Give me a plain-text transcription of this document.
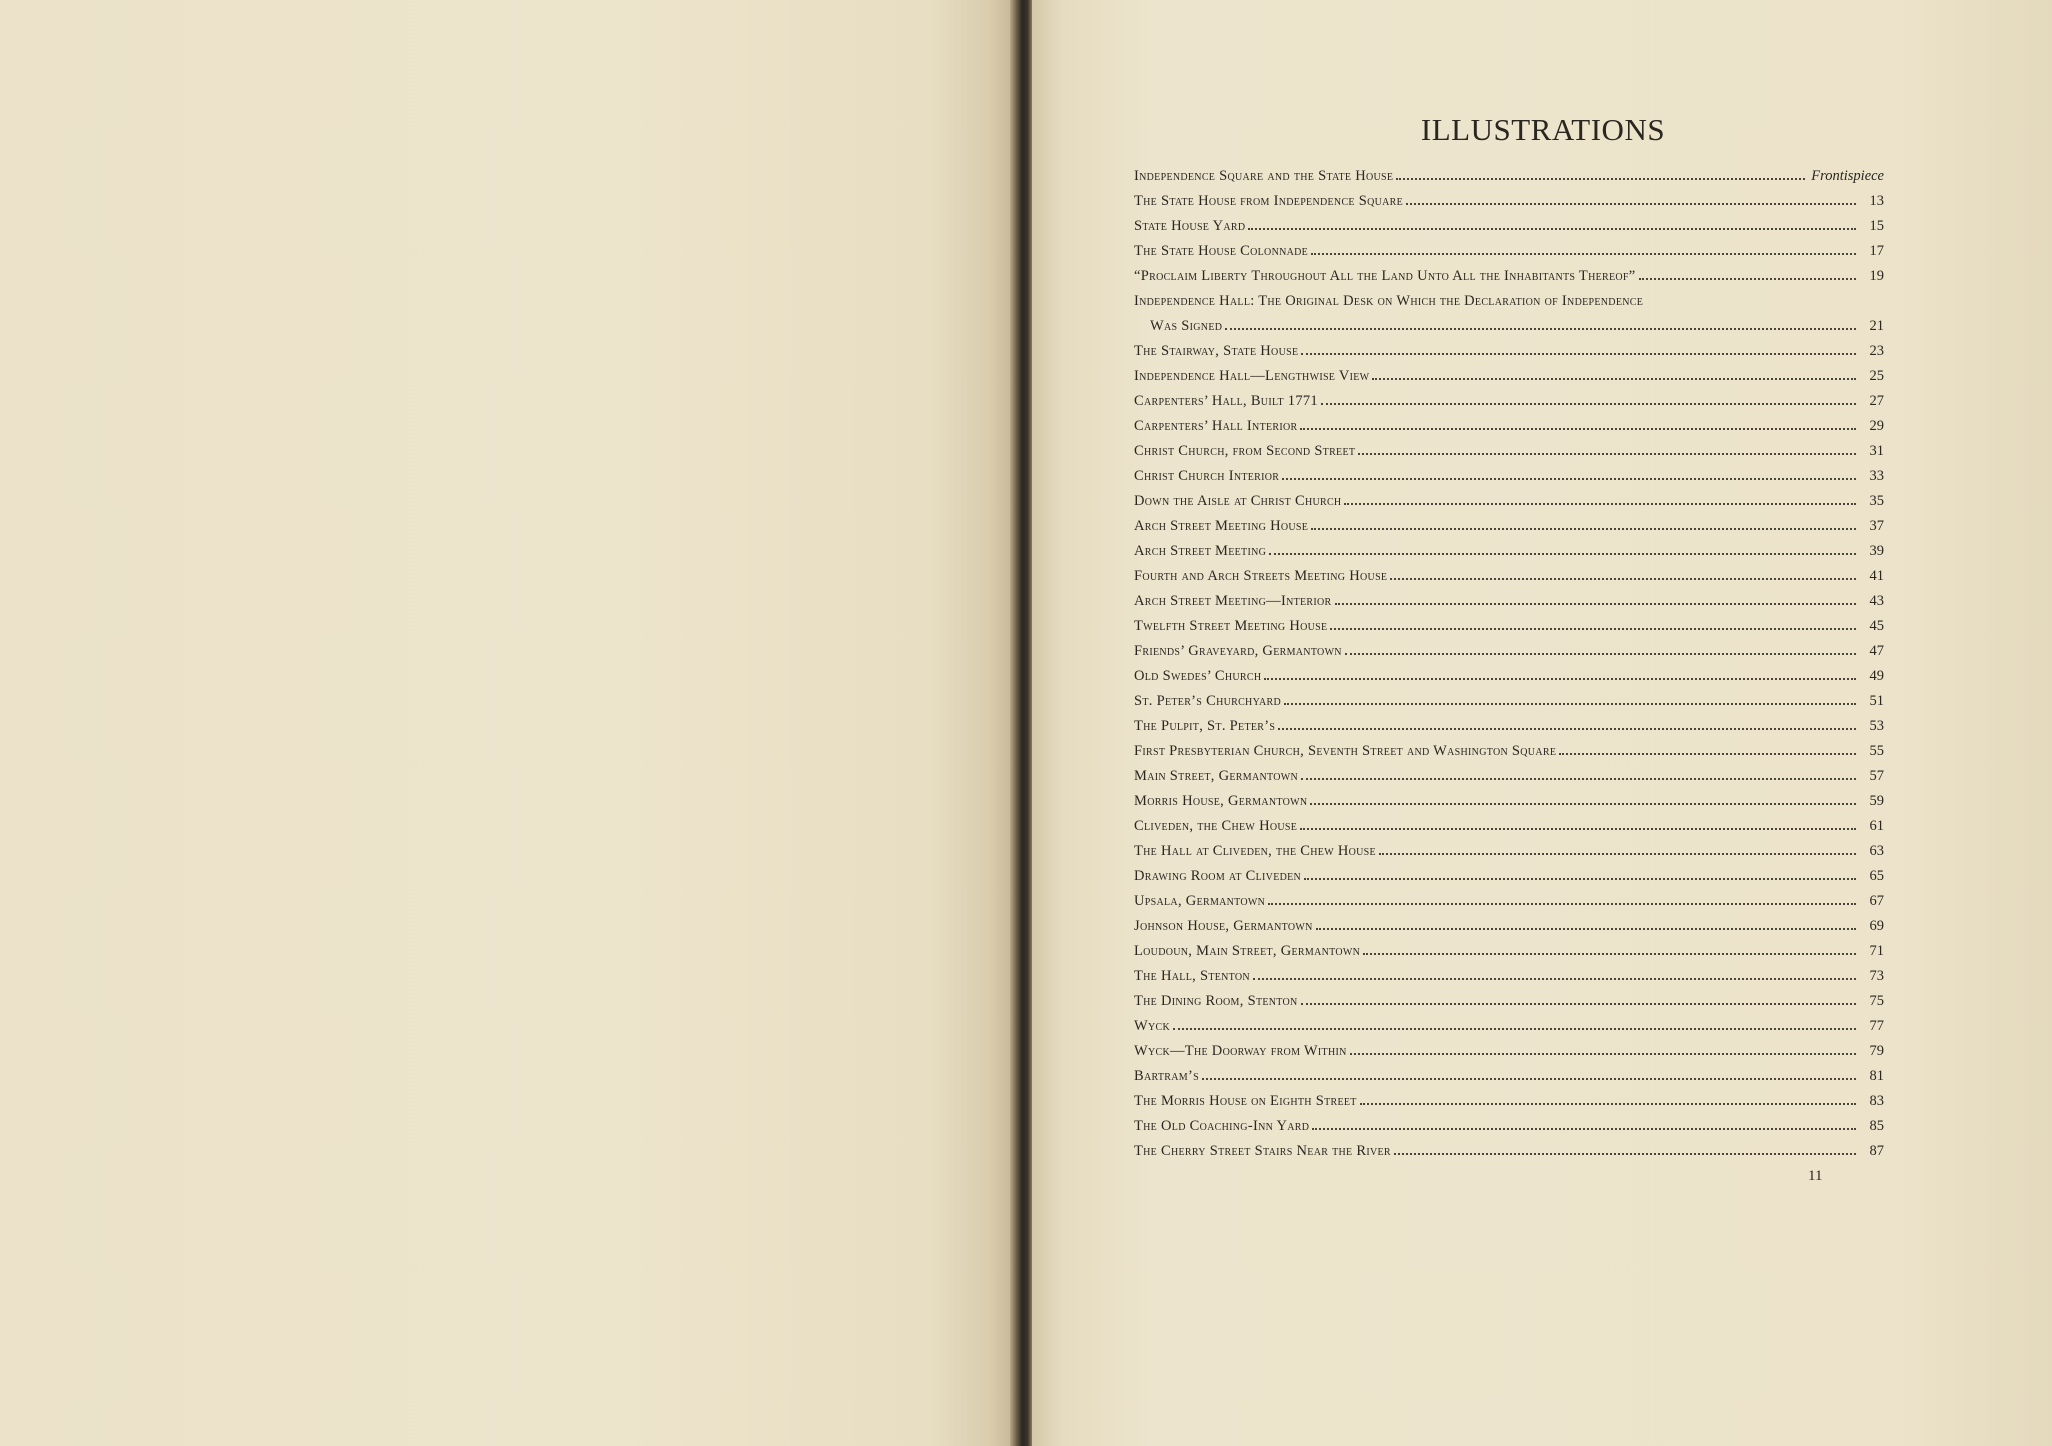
ILLUSTRATIONS
Independence Square and the State House	Frontispiece
The State House from Independence Square	13
State House Yard	15
The State House Colonnade	17
“Proclaim Liberty Throughout All the Land Unto All the Inhabitants Thereof”	19
Independence Hall: The Original Desk on Which the Declaration of Independence
Was Signed	21
The Stairway, State House	23
Independence Hall—Lengthwise View	25
Carpenters’ Hall, Built 1771	27
Carpenters’ Hall Interior	29
Christ Church, from Second Street	31
Christ Church Interior	33
Down the Aisle at Christ Church	35
Arch Street Meeting House	37
Arch Street Meeting	39
Fourth and Arch Streets Meeting House	41
Arch Street Meeting—Interior	43
Twelfth Street Meeting House	45
Friends’ Graveyard, Germantown	47
Old Swedes’ Church	49
St. Peter’s Churchyard	51
The Pulpit, St. Peter’s	53
First Presbyterian Church, Seventh Street and Washington Square	55
Main Street, Germantown	57
Morris House, Germantown	59
Cliveden, the Chew House	61
The Hall at Cliveden, the Chew House	63
Drawing Room at Cliveden	65
Upsala, Germantown	67
Johnson House, Germantown	69
Loudoun, Main Street, Germantown	71
The Hall, Stenton	73
The Dining Room, Stenton	75
Wyck	77
Wyck—The Doorway from Within	79
Bartram’s	81
The Morris House on Eighth Street	83
The Old Coaching-Inn Yard	85
The Cherry Street Stairs Near the River	87
11
